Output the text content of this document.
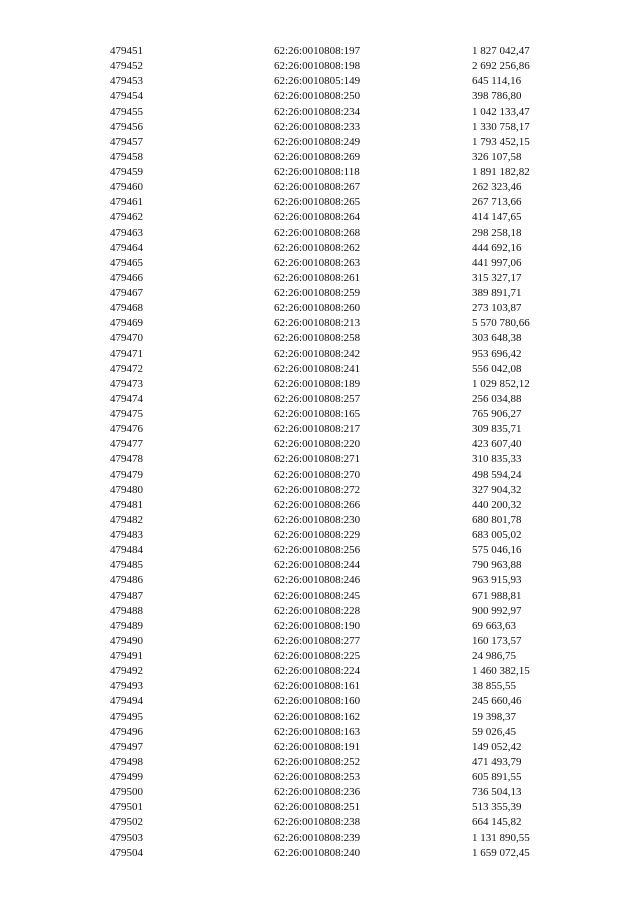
479451	62:26:0010808:197	1 827 042,47
479452	62:26:0010808:198	2 692 256,86
479453	62:26:0010805:149	645 114,16
479454	62:26:0010808:250	398 786,80
479455	62:26:0010808:234	1 042 133,47
479456	62:26:0010808:233	1 330 758,17
479457	62:26:0010808:249	1 793 452,15
479458	62:26:0010808:269	326 107,58
479459	62:26:0010808:118	1 891 182,82
479460	62:26:0010808:267	262 323,46
479461	62:26:0010808:265	267 713,66
479462	62:26:0010808:264	414 147,65
479463	62:26:0010808:268	298 258,18
479464	62:26:0010808:262	444 692,16
479465	62:26:0010808:263	441 997,06
479466	62:26:0010808:261	315 327,17
479467	62:26:0010808:259	389 891,71
479468	62:26:0010808:260	273 103,87
479469	62:26:0010808:213	5 570 780,66
479470	62:26:0010808:258	303 648,38
479471	62:26:0010808:242	953 696,42
479472	62:26:0010808:241	556 042,08
479473	62:26:0010808:189	1 029 852,12
479474	62:26:0010808:257	256 034,88
479475	62:26:0010808:165	765 906,27
479476	62:26:0010808:217	309 835,71
479477	62:26:0010808:220	423 607,40
479478	62:26:0010808:271	310 835,33
479479	62:26:0010808:270	498 594,24
479480	62:26:0010808:272	327 904,32
479481	62:26:0010808:266	440 200,32
479482	62:26:0010808:230	680 801,78
479483	62:26:0010808:229	683 005,02
479484	62:26:0010808:256	575 046,16
479485	62:26:0010808:244	790 963,88
479486	62:26:0010808:246	963 915,93
479487	62:26:0010808:245	671 988,81
479488	62:26:0010808:228	900 992,97
479489	62:26:0010808:190	69 663,63
479490	62:26:0010808:277	160 173,57
479491	62:26:0010808:225	24 986,75
479492	62:26:0010808:224	1 460 382,15
479493	62:26:0010808:161	38 855,55
479494	62:26:0010808:160	245 660,46
479495	62:26:0010808:162	19 398,37
479496	62:26:0010808:163	59 026,45
479497	62:26:0010808:191	149 052,42
479498	62:26:0010808:252	471 493,79
479499	62:26:0010808:253	605 891,55
479500	62:26:0010808:236	736 504,13
479501	62:26:0010808:251	513 355,39
479502	62:26:0010808:238	664 145,82
479503	62:26:0010808:239	1 131 890,55
479504	62:26:0010808:240	1 659 072,45
